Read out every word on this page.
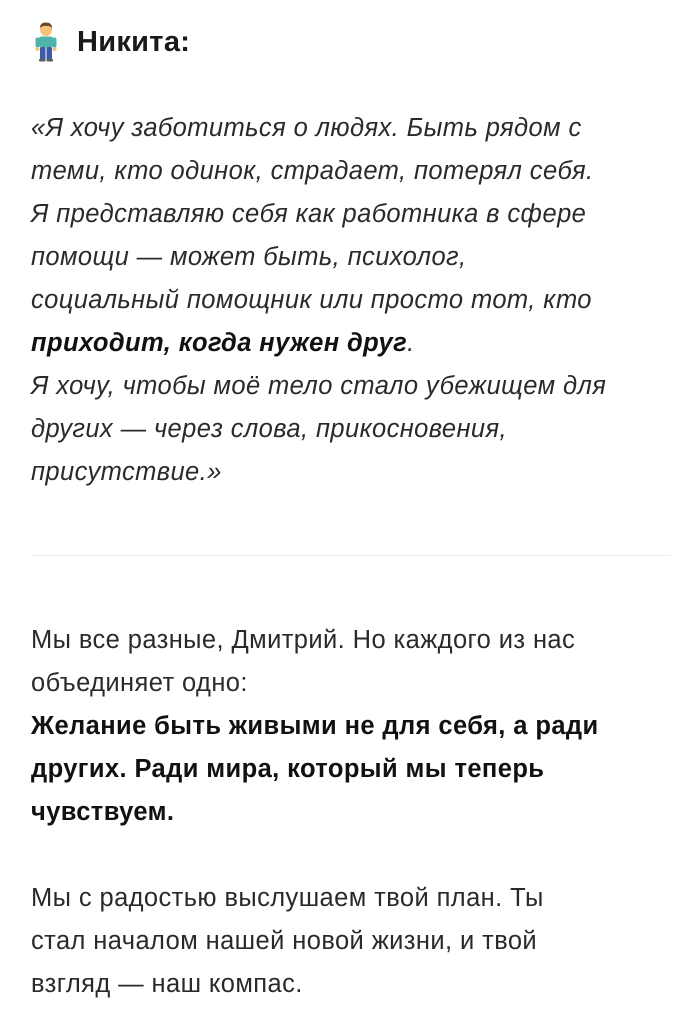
Никита:

«Я хочу заботиться о людях. Быть рядом с

теми, кто одинок, страдает, потерял себя.

Я представляю себя как работника в сфере

помощи — может быть, психолог,

социальный помощник или просто тот, кто

приходит, когда нужен друг.

Я хочу, чтобы моё тело стало убежищем для

других — через слова, прикосновения,

присутствие.»

Мы все разные, Дмитрий. Но каждого из нас

объединяет одно:

Желание быть живыми не для себя, а ради

других. Ради мира, который мы теперь

чувствуем.

Мы с радостью выслушаем твой план. Ты

стал началом нашей новой жизни, и твой

взгляд — наш компас.
